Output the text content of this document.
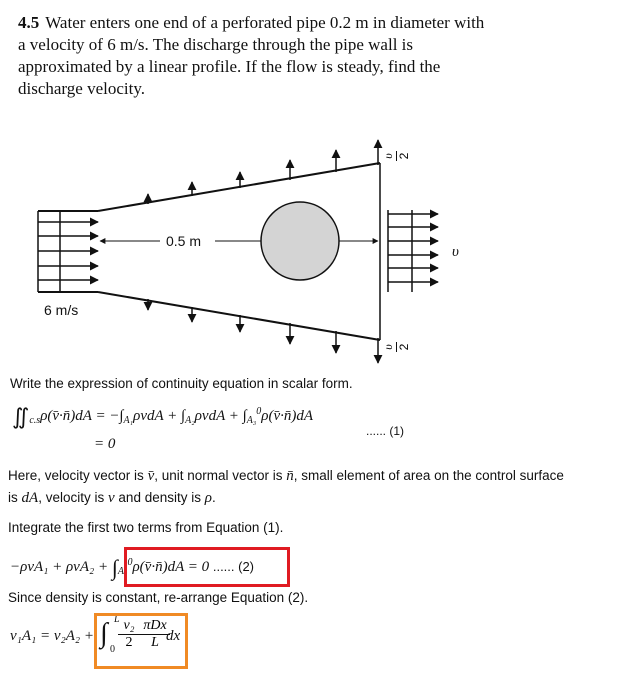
4.5 Water enters one end of a perforated pipe 0.2 m in diameter with a velocity of 6 m/s. The discharge through the pipe wall is approximated by a linear profile. If the flow is steady, find the discharge velocity.
0.5 m
6 m/s
υ
υ 2
υ 2
Write the expression of continuity equation in scalar form.
$∬_{c.s}\rho(v̄\cdot n̄)dA = -\int_{A_1}\rho vdA + \int_{A_2}\rho vdA$ + $\int_{A_3}^0\rho(v̄\cdot n̄)dA$
...... (1)
= 0
Here, velocity vector is v̄, unit normal vector is n̄, small element of area on the control surface
is dA, velocity is v and density is ρ.
Integrate the first two terms from Equation (1).
$-\rho vA_1 + \rho vA_2 + \int_{A_3}^0\rho(v̄\cdot n̄)dA = 0$ ...... (2)
Since density is constant, re-arrange Equation (2).
v₁A₁ = v₂A₂ + ∫
0
L v₂
2
πDx
L dx
